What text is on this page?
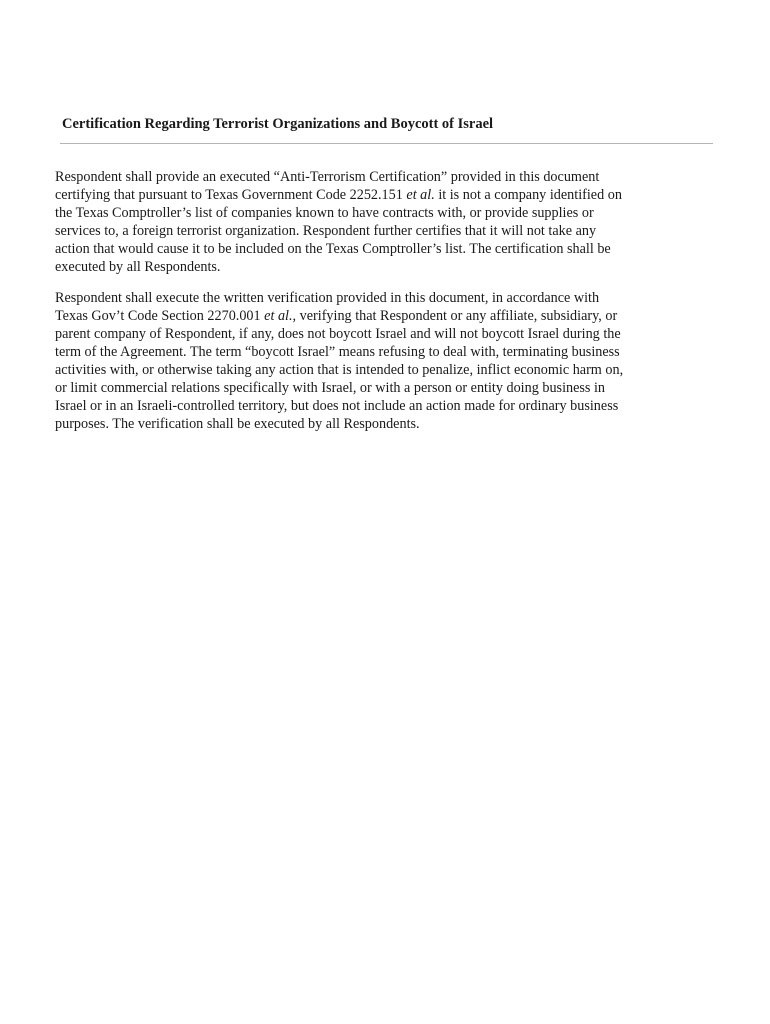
Certification Regarding Terrorist Organizations and Boycott of Israel

Respondent shall provide an executed “Anti-Terrorism Certification” provided in this document
certifying that pursuant to Texas Government Code 2252.151 et al. it is not a company identified on
the Texas Comptroller’s list of companies known to have contracts with, or provide supplies or
services to, a foreign terrorist organization. Respondent further certifies that it will not take any
action that would cause it to be included on the Texas Comptroller’s list. The certification shall be
executed by all Respondents.

Respondent shall execute the written verification provided in this document, in accordance with
Texas Gov’t Code Section 2270.001 et al., verifying that Respondent or any affiliate, subsidiary, or
parent company of Respondent, if any, does not boycott Israel and will not boycott Israel during the
term of the Agreement. The term “boycott Israel” means refusing to deal with, terminating business
activities with, or otherwise taking any action that is intended to penalize, inflict economic harm on,
or limit commercial relations specifically with Israel, or with a person or entity doing business in
Israel or in an Israeli-controlled territory, but does not include an action made for ordinary business
purposes. The verification shall be executed by all Respondents.
